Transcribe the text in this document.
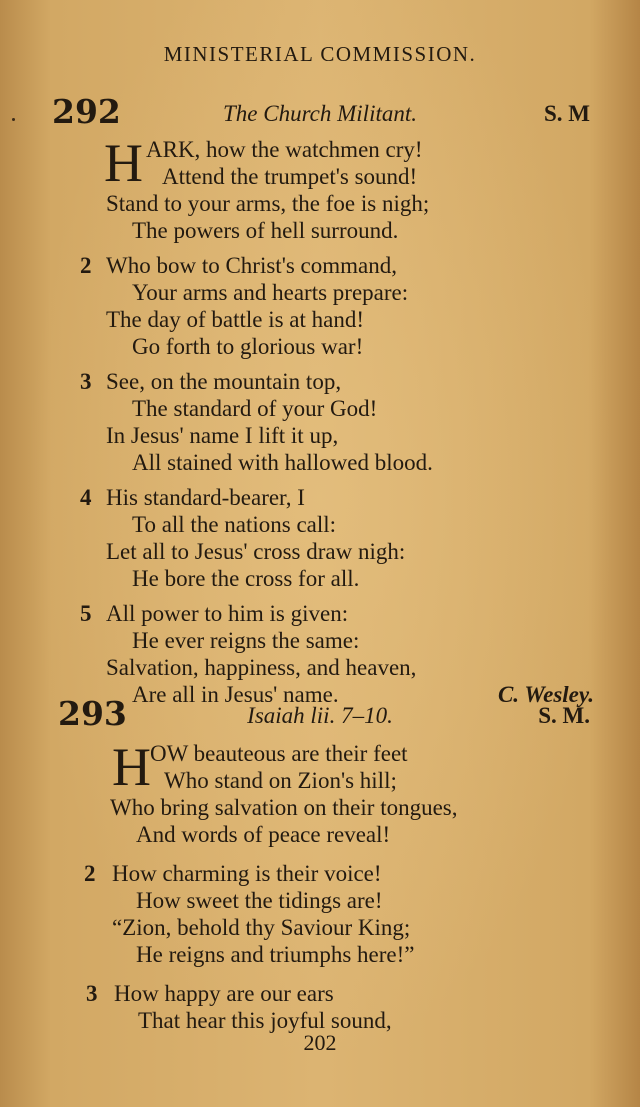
MINISTERIAL COMMISSION.
292	The Church Militant.	S. M
H ARK, how the watchmen cry!
Attend the trumpet's sound!
Stand to your arms, the foe is nigh;
The powers of hell surround.
2 Who bow to Christ's command,
Your arms and hearts prepare:
The day of battle is at hand!
Go forth to glorious war!
3 See, on the mountain top,
The standard of your God!
In Jesus' name I lift it up,
All stained with hallowed blood.
4 His standard-bearer, I
To all the nations call:
Let all to Jesus' cross draw nigh:
He bore the cross for all.
5 All power to him is given:
He ever reigns the same:
Salvation, happiness, and heaven,
Are all in Jesus' name.	C. Wesley.
293	Isaiah lii. 7–10.	S. M.
H OW beauteous are their feet
Who stand on Zion's hill;
Who bring salvation on their tongues,
And words of peace reveal!
2 How charming is their voice!
How sweet the tidings are!
“Zion, behold thy Saviour King;
He reigns and triumphs here!”
3 How happy are our ears
That hear this joyful sound,
202
